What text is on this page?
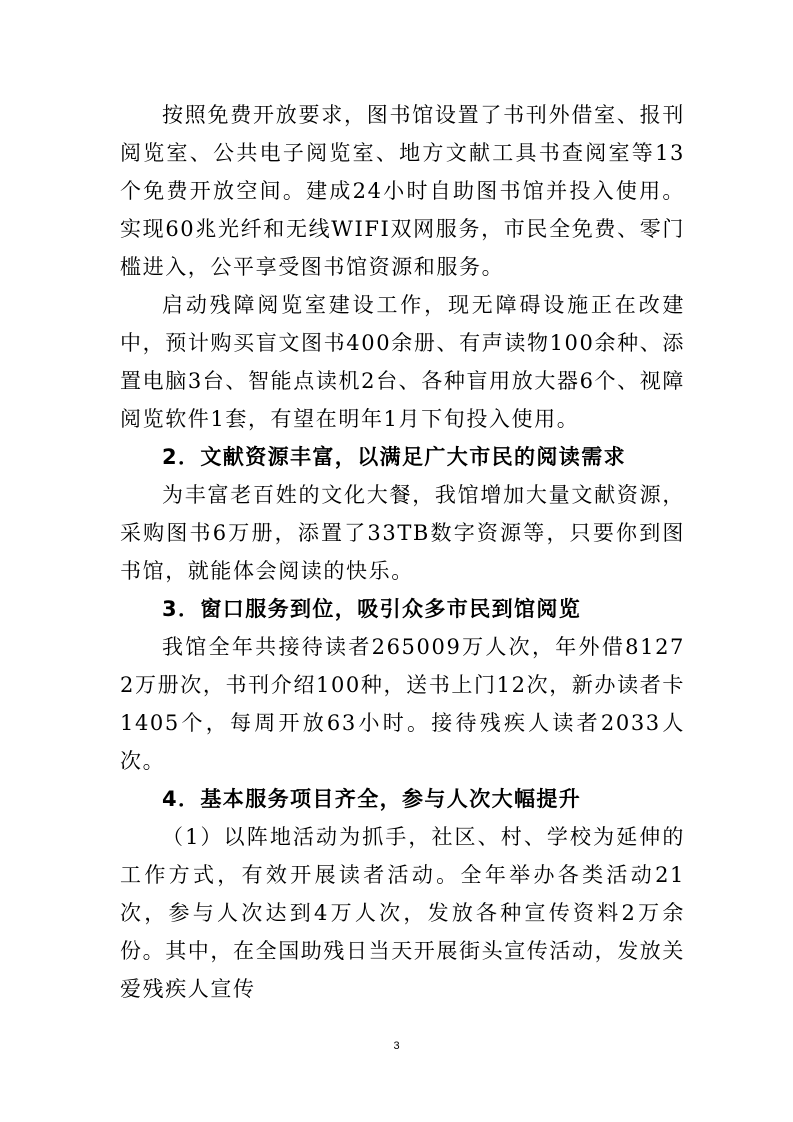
按照免费开放要求，图书馆设置了书刊外借室、报刊阅览室、公共电子阅览室、地方文献工具书查阅室等13个免费开放空间。建成24小时自助图书馆并投入使用。实现60兆光纤和无线WIFI双网服务，市民全免费、零门槛进入，公平享受图书馆资源和服务。

启动残障阅览室建设工作，现无障碍设施正在改建中，预计购买盲文图书400余册、有声读物100余种、添置电脑3台、智能点读机2台、各种盲用放大器6个、视障阅览软件1套，有望在明年1月下旬投入使用。

2．文献资源丰富，以满足广大市民的阅读需求

为丰富老百姓的文化大餐，我馆增加大量文献资源，采购图书6万册，添置了33TB数字资源等，只要你到图书馆，就能体会阅读的快乐。

3．窗口服务到位，吸引众多市民到馆阅览

我馆全年共接待读者265009万人次，年外借81272万册次，书刊介绍100种，送书上门12次，新办读者卡1405个，每周开放63小时。接待残疾人读者2033人次。

4．基本服务项目齐全，参与人次大幅提升

（1）以阵地活动为抓手，社区、村、学校为延伸的工作方式，有效开展读者活动。全年举办各类活动21次，参与人次达到4万人次，发放各种宣传资料2万余份。其中，在全国助残日当天开展街头宣传活动，发放关爱残疾人宣传

3
